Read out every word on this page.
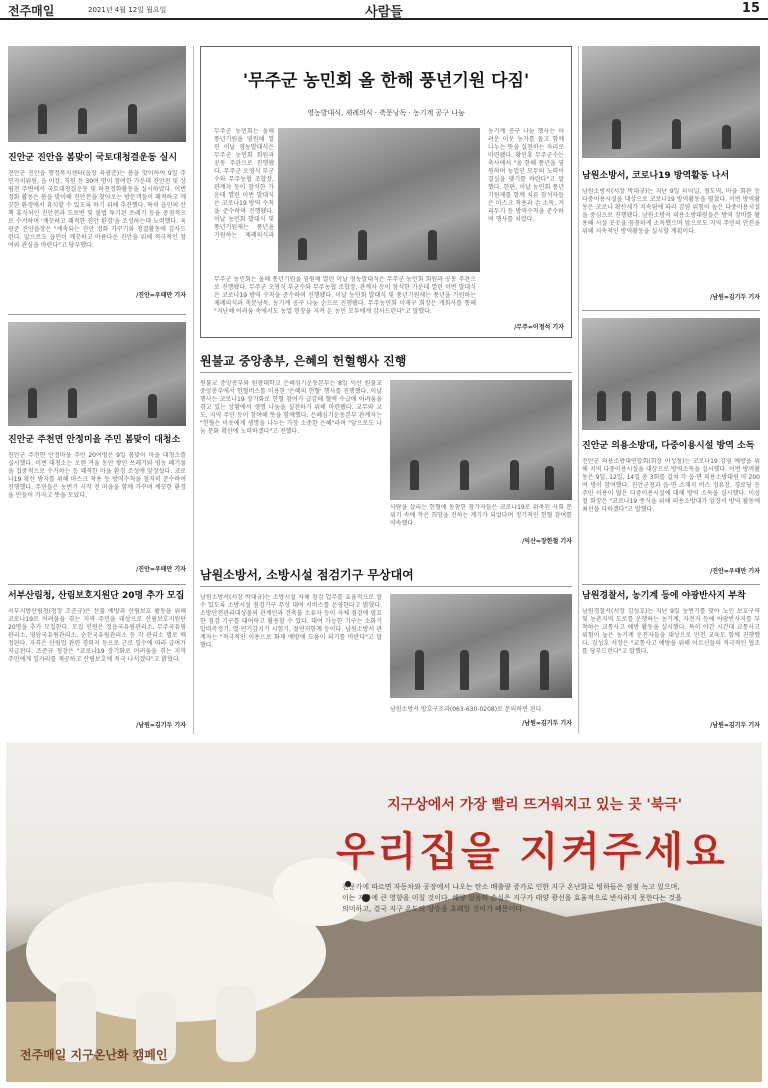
전주매일	2021년 4월 12일 월요일	사람들	15
진안군 진안읍 봄맞이 국토대청결운동 실시
진안군 진안읍 행정복지센터(읍장 육광준)는 봄을 맞이하여 9일 주민자치위원, 읍 이장, 직원 등 30여 명이 참여한 가운데 진안천 및 상림천 주변에서 국토대청결운동 및 하천정화활동을 실시하였다. 이번 정화 활동은 봄을 맞이해 진안천을 찾아오는 방문객들이 쾌적하고 깨끗한 환경에서 휴식할 수 있도록 하기 위해 추진했다. 특히 읍민의 산책 휴식처인 진안천과 도로변 및 불법 투기된 쓰레기 등을 중점적으로 수거하며 '깨끗하고 쾌적한 진안 환경'을 조성하는데 노력했다. 육광준 진안읍장은 "계속되는 진안 정화 가꾸기와 청결활동에 감사드린다. 앞으로도 읍민이 깨끗하고 아름다운 진안을 위해 적극적인 참여와 관심을 바란다"고 당부했다.
/진안=우태만 기자
진안군 주천면 안정미을 주민 봄맞이 대청소
진안군 주천면 안정마을 주민 20여명은 9일 봄맞이 마을 대청소를 실시했다. 이번 대청소는 오랜 겨울 동안 쌓인 쓰레기와 영농 폐기물을 집중적으로 수거하는 등 쾌적한 마을 환경 조성에 앞장섰다. 코로나19 확산 방지를 위해 마스크 착용 등 방역수칙을 철저히 준수하여 진행했다. 주민들은 농번기 시작 전 마을을 함께 가꾸며 깨끗한 환경을 만들어 가자고 뜻을 모았다.
/진안=우태만 기자
서부산림청, 산림보호지원단 20명 추가 모집
서부지방산림청(청장 조준규)은 산불 예방과 산림보호 활동을 위해 코로나19로 어려움을 겪는 지역 주민을 대상으로 산림보호지원단 20명을 추가 모집한다. 모집 인원은 정읍국유림관리소, 무주국유림관리소, 영암국유림관리소, 순천국유림관리소 등 각 관리소 별로 배정된다. 자격은 산림업 관련 경력자 등으로 근로 일수에 따라 급여가 지급된다. 조준규 청장은 "코로나19 장기화로 어려움을 겪는 지역 주민에게 일자리를 제공하고 산림보호에 적극 나서겠다"고 밝혔다.
/남원=김기두 기자
'무주군 농민회 올 한해 풍년기원 다짐'
영농발대식, 제례의식 · 축문낭독 · 농기계 공구 나눔
무주군 농민회는 올해 풍년기원을 염원해 열린 이날 영농발대식은 무주군 농민회 회원과 공동 주관으로 진행됐다. 무주군 오영식 부군수와 무주농협 조합장, 관계자 등이 참석한 가운데 열린 이번 발대식은 코로나19 방역 수칙을 준수하며 진행됐다. 이날 농민회 발대식 및 풍년기원제는 풍년을 기원하는 제례의식과
무주군 농민회는 올해 풍년기원을 염원해 열린 이날 영농발대식은 무주군 농민회 회원과 공동 주관으로 진행됐다. 무주군 오영식 부군수와 무주농협 조합장, 관계자 등이 참석한 가운데 열린 이번 발대식은 코로나19 방역 수칙을 준수하며 진행됐다. 이날 농민회 발대식 및 풍년기원제는 풍년을 기원하는 제례의식과 축문낭독, 농기계 공구 나눔 순으로 진행됐다. 무주농민회 이재구 회장은 개회사를 통해 "지난해 어려움 속에서도 농업 현장을 지켜 온 농민 모두에게 감사드린다"고 말했다.
농기계 공구 나눔 행사는 어려운 이웃 농가를 돕고 함께 나누는 뜻을 실천하는 자리로 마련됐다. 황인홍 무주군수는 축사에서 "올 한해 풍년을 염원하며 농업인 모두의 노력이 결실을 맺기를 바란다"고 말했다. 한편, 이날 농민회 풍년기원제를 함께 치른 참석자들은 마스크 착용과 손 소독, 거리두기 등 방역수칙을 준수하며 행사를 치렀다.
/무주=이정석 기자
원불교 중앙총부, 은혜의 헌혈행사 진행
원불교 중앙총부와 원광대학교 은혜심기운동본부는 8일 익산 원불교 중앙총부에서 헌혈버스를 이용한 '은혜의 헌혈' 행사를 진행했다. 이날 행사는 코로나19 장기화로 헌혈 참여가 급감해 혈액 수급에 어려움을 겪고 있는 상황에서 생명 나눔을 실천하기 위해 마련됐다. 교무와 교도, 지역 주민 등이 참여해 뜻을 함께했다. 은혜심기운동본부 관계자는 "헌혈은 이웃에게 생명을 나누는 가장 소중한 은혜"라며 "앞으로도 나눔 문화 확산에 노력하겠다"고 전했다.
사람을 살리는 헌혈에 동참한 참가자들은 코로나19로 위축된 사회 분위기 속에 작은 희망을 전하는 계기가 되었다며 정기적인 헌혈 참여를 약속했다.
/익산=장한철 기자
남원소방서, 소방시설 점검기구 무상대여
남원소방서(서장 박대규)는 소방시설 자체 점검 업무를 효율적으로 할 수 있도록 소방시설 점검기구 무상 대여 서비스를 운영한다고 밝혔다. 소방안전관리대상물의 관계인과 건축물 소유자 등이 자체 점검에 필요한 점검 기구를 대여하고 활용할 수 있다. 대여 가능한 기구는 소화기 압력측정기, 열·연기감지기 시험기, 절연저항계 등이다. 남원소방서 관계자는 "적극적인 이용으로 화재 예방에 도움이 되기를 바란다"고 말했다.
남원소방서 방호구조과(063-630-0208)로 문의하면 된다.
/남원=김기두 기자
남원소방서, 코로나19 방역활동 나서
남원소방서(서장 박대규)는 지난 9일 터미널, 철도역, 마을 회관 등 다중이용시설을 대상으로 코로나19 방역활동을 펼쳤다. 이번 방역활동은 코로나 확산세가 지속됨에 따라 감염 위험이 높은 다중이용시설을 중심으로 진행됐다. 남원소방서 의용소방대원들은 방역 장비를 활용해 시설 곳곳을 꼼꼼하게 소독했으며 앞으로도 지역 주민의 안전을 위해 지속적인 방역활동을 실시할 계획이다.
/남원=김기두 기자
진안군 의용소방대, 다중이용시설 방역 소독
진안군 의용소방대연합회(회장 이성철)는 코로나19 감염 예방을 위해 지역 다중이용시설을 대상으로 방역소독을 실시했다. 이번 방역활동은 9일, 12일, 14일 총 3회를 걸쳐 각 읍·면 의용소방대원 약 200여 명이 참여했다. 진안군청과 읍·면 소재지 버스 정류장, 경로당 등 주민 이용이 많은 다중이용시설에 대해 방역 소독을 실시했다. 이성철 회장은 "코로나19 종식을 위해 의용소방대가 앞장서 방역 활동에 최선을 다하겠다"고 말했다.
/진안=우태만 기자
남원경찰서, 농기계 등에 야광반사지 부착
남원경찰서(서장 김성호)는 지난 9일 농번기를 맞아 노인 보호구역 및 농촌지역 도로를 운행하는 농기계, 자전거 등에 야광반사지를 부착하는 교통사고 예방 활동을 실시했다. 특히 야간 시간대 교통사고 위험이 높은 농기계 운전자들을 대상으로 안전 교육도 함께 진행했다. 김성호 서장은 "교통사고 예방을 위해 어르신들의 적극적인 협조를 당부드린다"고 말했다.
/남원=김기두 기자
지구상에서 가장 빨리 뜨거워지고 있는 곳 '북극'
우리집을 지켜주세요
전문가에 따르면 자동차와 공장에서 나오는 탄소 배출량 증가로 인한 지구 온난화로 빙하들은 점점 녹고 있으며, 이는 지구에 큰 영향을 미칠 것이다. 해양 얼음의 손실은 지구가 태양 광선을 효율적으로 반사하지 못한다는 것을 의미하고, 결국 지구 온도의 상승을 초래할 것이기 때문이다.
전주매일 지구온난화 캠페인
